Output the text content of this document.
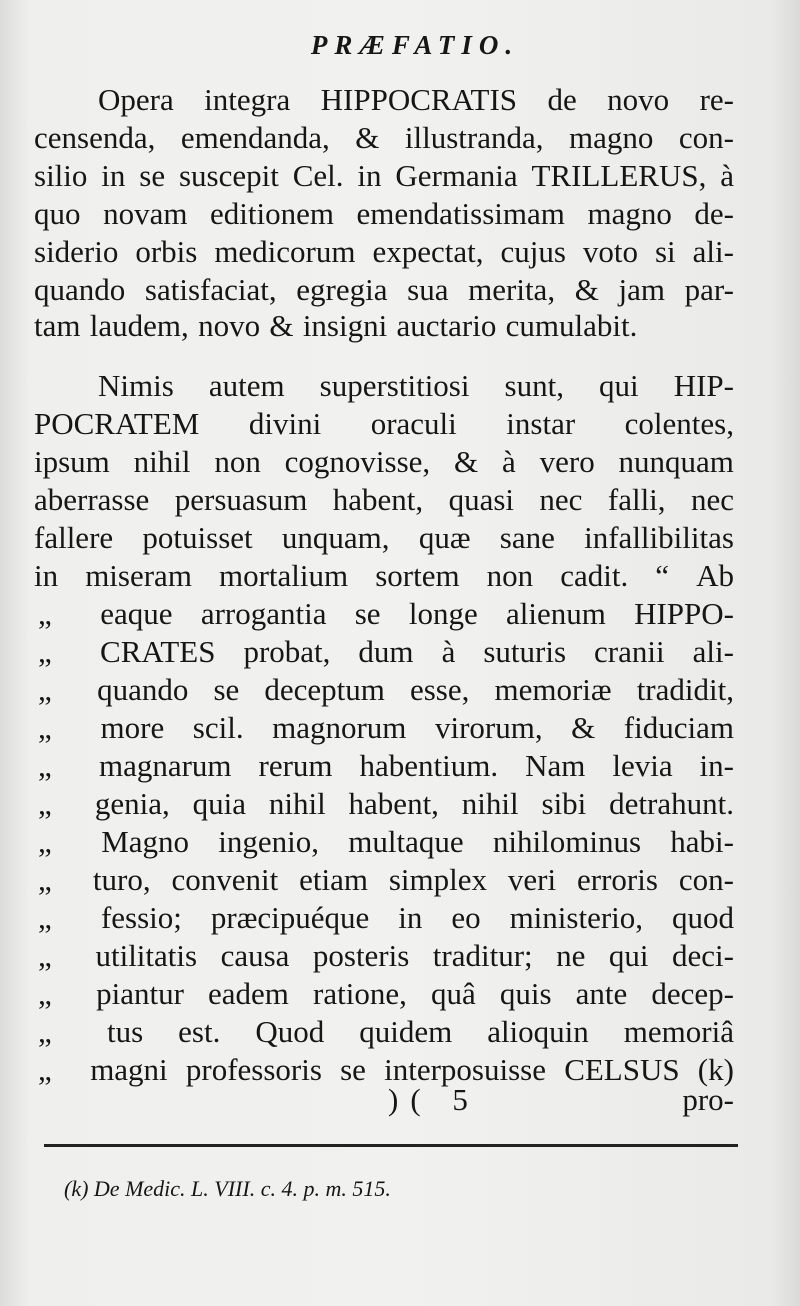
PRÆFATIO.
Opera integra HIPPOCRATIS de novo re-
censenda, emendanda, & illustranda, magno con-
silio in se suscepit Cel. in Germania TRILLERUS, à
quo novam editionem emendatissimam magno de-
siderio orbis medicorum expectat, cujus voto si ali-
quando satisfaciat, egregia sua merita, & jam par-
tam laudem, novo & insigni auctario cumulabit.
Nimis autem superstitiosi sunt, qui HIP-
POCRATEM divini oraculi instar colentes,
ipsum nihil non cognovisse, & à vero nunquam
aberrasse persuasum habent, quasi nec falli, nec
fallere potuisset unquam, quæ sane infallibilitas
in miseram mortalium sortem non cadit. “ Ab
„	eaque arrogantia se longe alienum HIPPO-
„	CRATES probat, dum à suturis cranii ali-
„	quando se deceptum esse, memoriæ tradidit,
„	more scil. magnorum virorum, & fiduciam
„	magnarum rerum habentium. Nam levia in-
„	genia, quia nihil habent, nihil sibi detrahunt.
„	Magno ingenio, multaque nihilominus habi-
„	turo, convenit etiam simplex veri erroris con-
„	fessio; præcipuéque in eo ministerio, quod
„	utilitatis causa posteris traditur; ne qui deci-
„	piantur eadem ratione, quâ quis ante decep-
„	tus est. Quod quidem alioquin memoriâ
„	magni professoris se interposuisse CELSUS (k)
)( 5	pro-
(k) De Medic. L. VIII. c. 4. p. m. 515.
